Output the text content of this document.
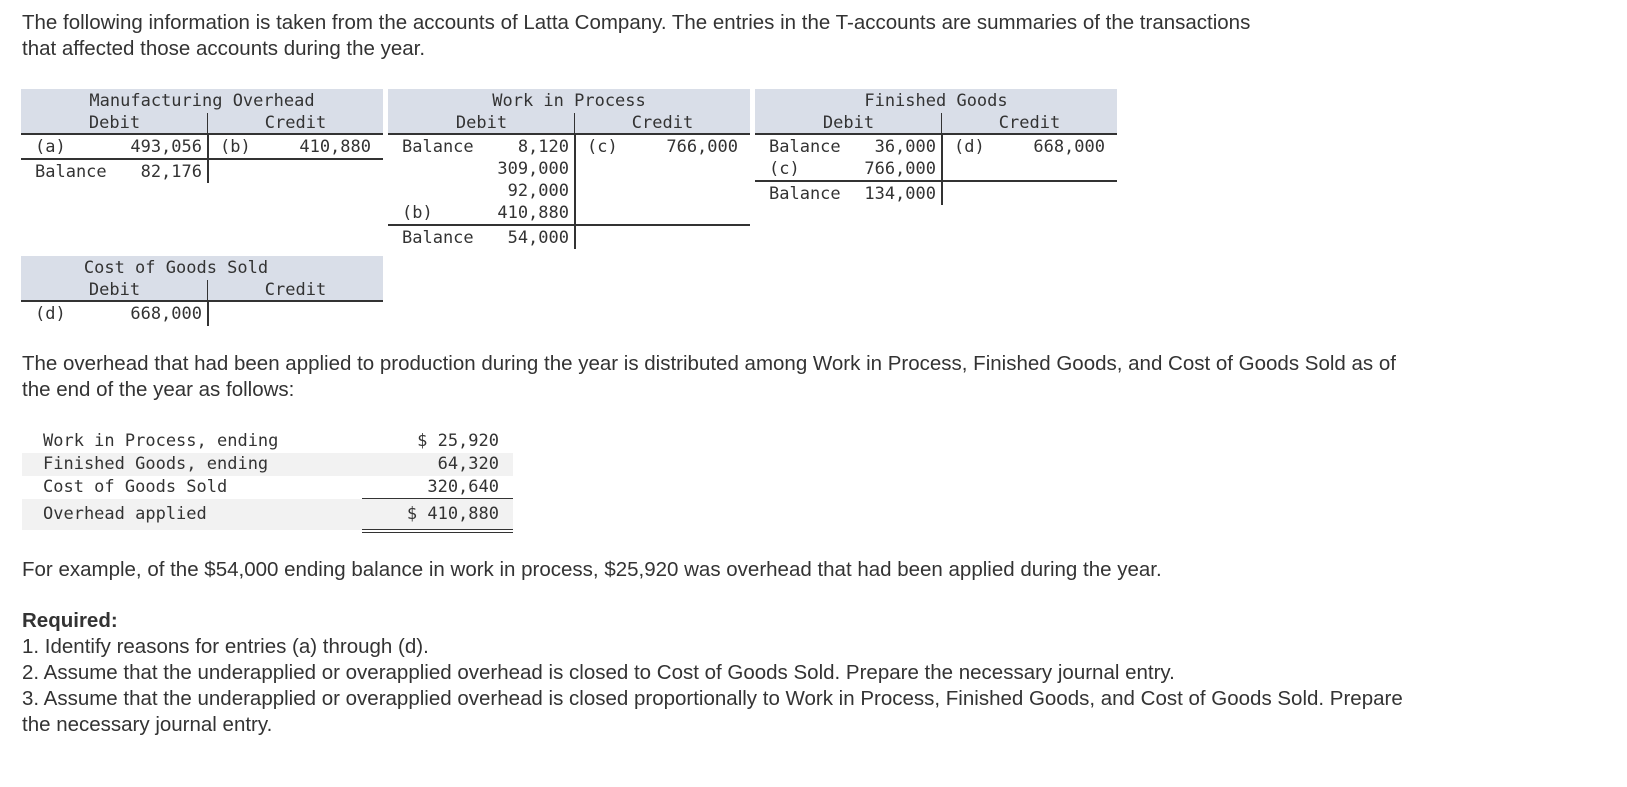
The following information is taken from the accounts of Latta Company. The entries in the T-accounts are summaries of the transactions that affected those accounts during the year.

Manufacturing Overhead
Debit	Credit
(a)	493,056 (b)	410,880
Balance 82,176
Work in Process
Debit	Credit
Balance	8,120 (c)	766,000
309,000
92,000
(b)	410,880
Balance 54,000
Finished Goods
Debit	Credit
Balance 36,000 (d)	668,000
(c)	766,000
Balance 134,000
Cost of Goods Sold
Debit	Credit
(d)	668,000

The overhead that had been applied to production during the year is distributed among Work in Process, Finished Goods, and Cost of Goods Sold as of the end of the year as follows:

Work in Process, ending	$ 25,920
Finished Goods, ending	64,320
Cost of Goods Sold	320,640
Overhead applied	$ 410,880

For example, of the $54,000 ending balance in work in process, $25,920 was overhead that had been applied during the year.

Required:
1. Identify reasons for entries (a) through (d).
2. Assume that the underapplied or overapplied overhead is closed to Cost of Goods Sold. Prepare the necessary journal entry.
3. Assume that the underapplied or overapplied overhead is closed proportionally to Work in Process, Finished Goods, and Cost of Goods Sold. Prepare the necessary journal entry.
